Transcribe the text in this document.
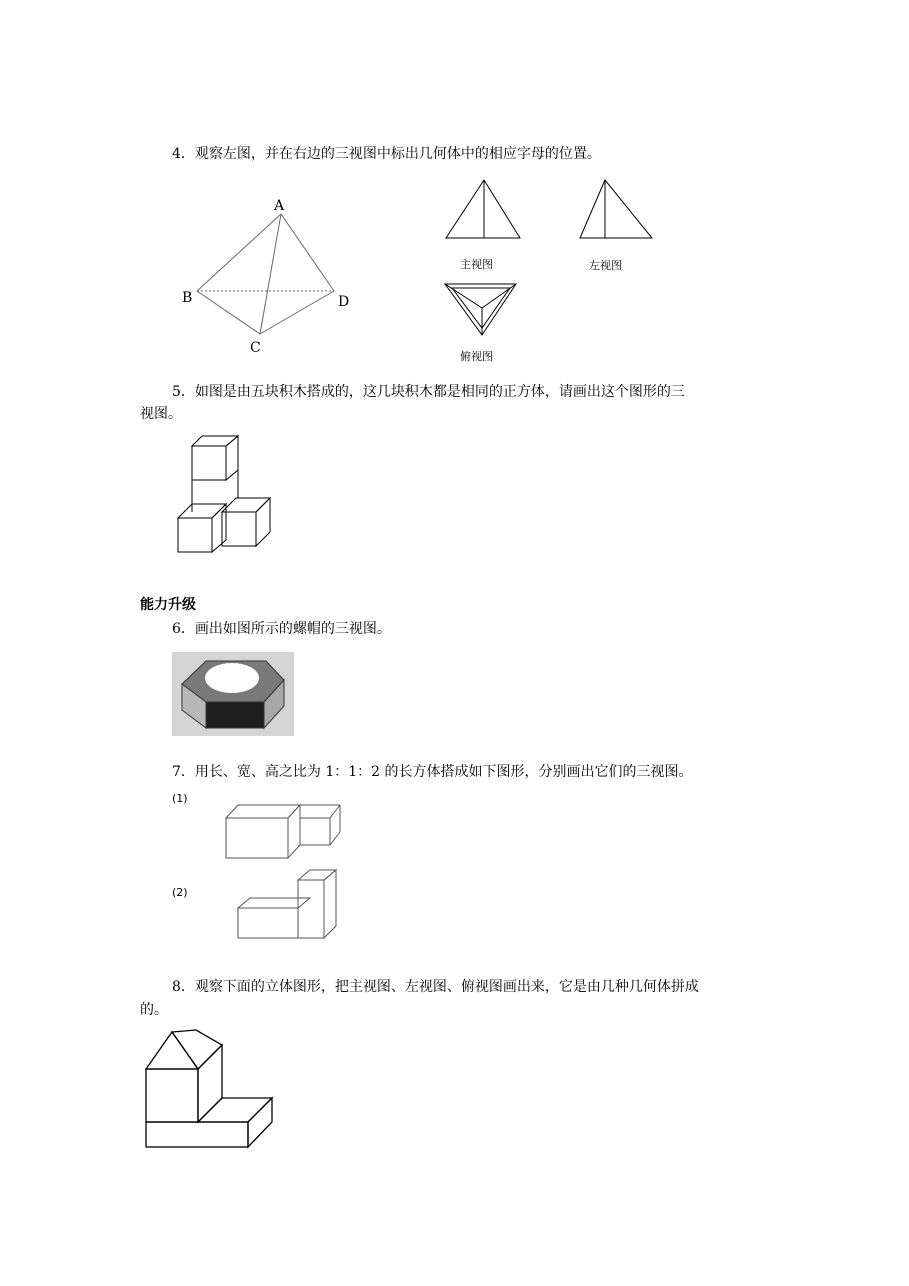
4．观察左图，并在右边的三视图中标出几何体中的相应字母的位置。
A
B
C
D
主视图	左视图
俯视图
5．如图是由五块积木搭成的，这几块积木都是相同的正方体，请画出这个图形的三
视图。
能力升级
6．画出如图所示的螺帽的三视图。
7．用长、宽、高之比为 1：1：2 的长方体搭成如下图形，分别画出它们的三视图。
(1)
(2)
8．观察下面的立体图形，把主视图、左视图、俯视图画出来，它是由几种几何体拼成
的。
